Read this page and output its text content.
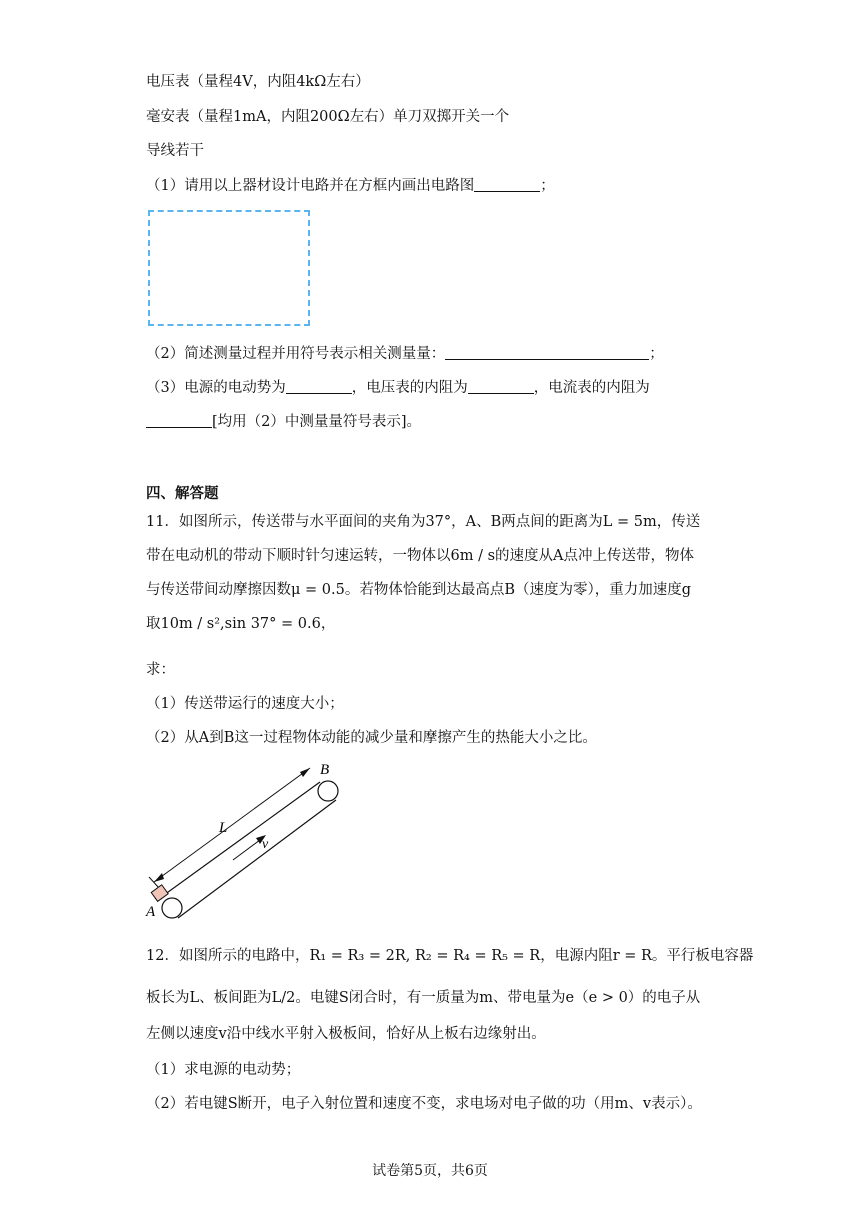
电压表（量程4V，内阻4kΩ左右）
毫安表（量程1mA，内阻200Ω左右）单刀双掷开关一个
导线若干
（1）请用以上器材设计电路并在方框内画出电路图	；
（2）简述测量过程并用符号表示相关测量量：	；
（3）电源的电动势为	，电压表的内阻为	，电流表的内阻为
[均用（2）中测量量符号表示]。
四、解答题
11．如图所示，传送带与水平面间的夹角为37°，A、B两点间的距离为L = 5m，传送
带在电动机的带动下顺时针匀速运转，一物体以6m / s的速度从A点冲上传送带，物体
与传送带间动摩擦因数μ = 0.5。若物体恰能到达最高点B（速度为零），重力加速度g
取10m / s²,sin 37° = 0.6，
求：
（1）传送带运行的速度大小；
（2）从A到B这一过程物体动能的减少量和摩擦产生的热能大小之比。
A
B
L
v
12．如图所示的电路中，R₁ = R₃ = 2R, R₂ = R₄ = R₅ = R，电源内阻r = R。平行板电容器
板长为L、板间距为L/2。电键S闭合时，有一质量为m、带电量为e（e > 0）的电子从
左侧以速度v沿中线水平射入极板间，恰好从上板右边缘射出。
（1）求电源的电动势；
（2）若电键S断开，电子入射位置和速度不变，求电场对电子做的功（用m、v表示）。
试卷第5页，共6页
